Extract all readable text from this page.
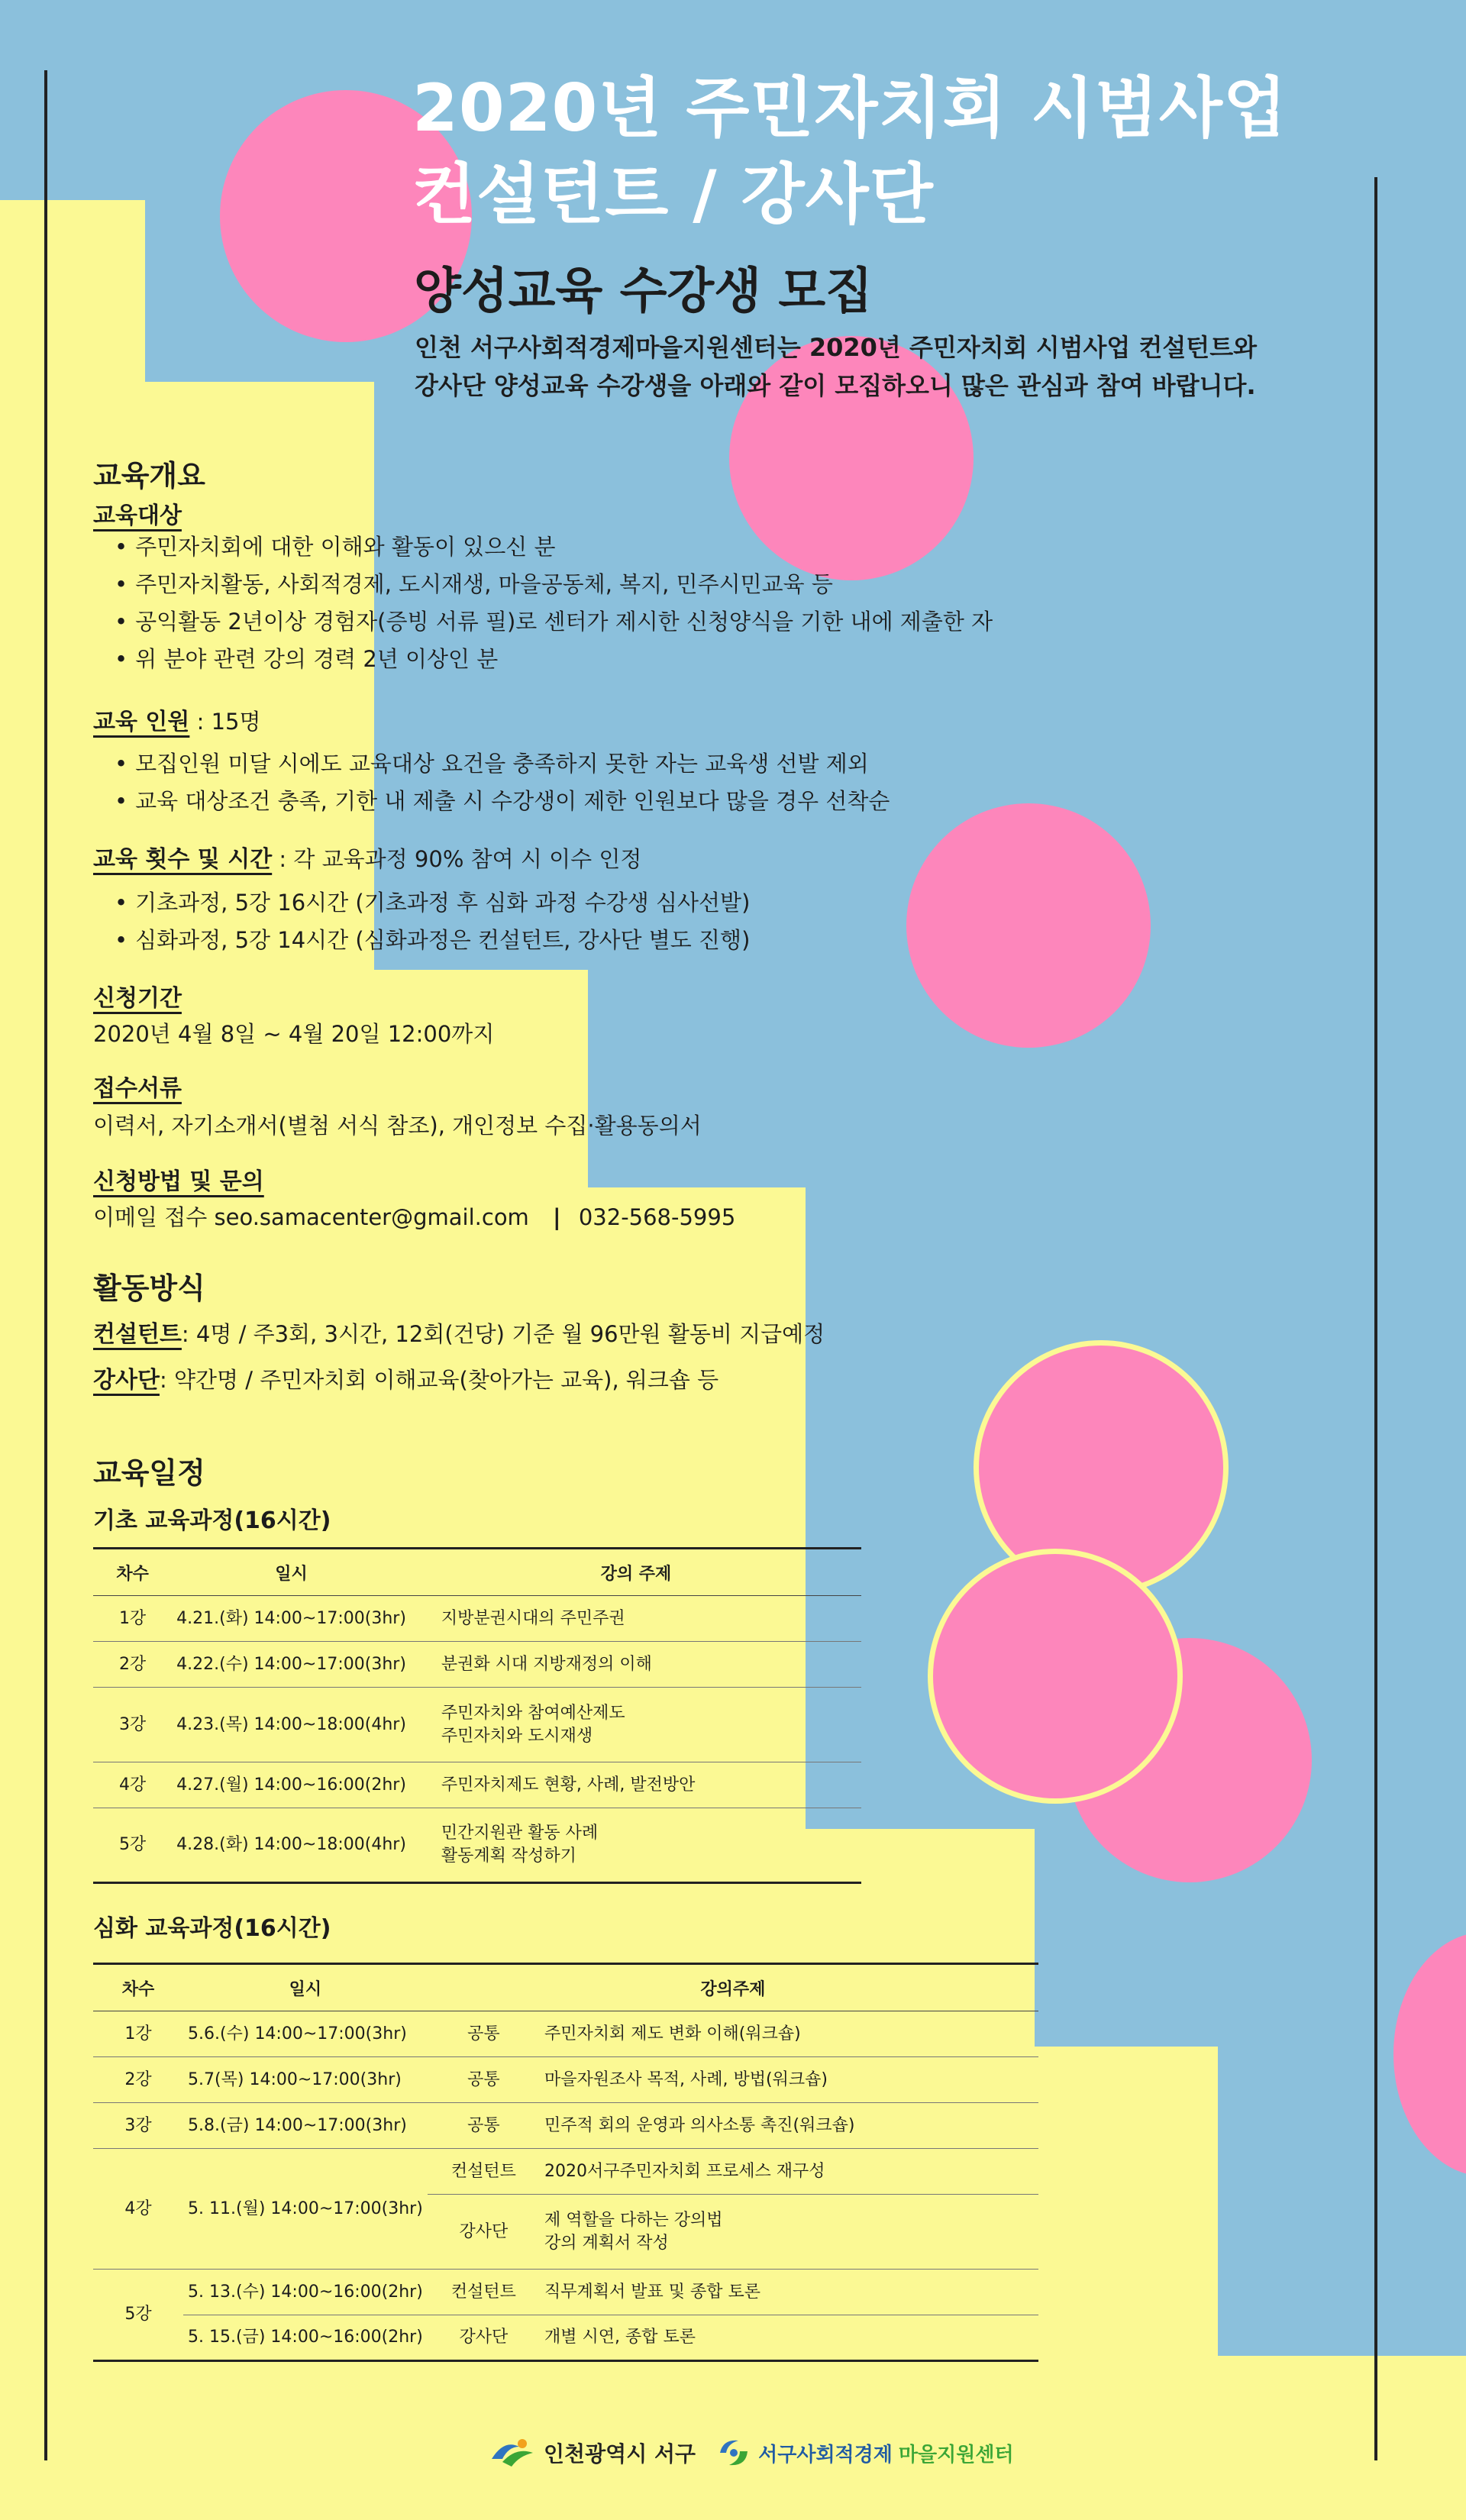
2020년 주민자치회 시범사업
컨설턴트 / 강사단
양성교육 수강생 모집
인천 서구사회적경제마을지원센터는 2020년 주민자치회 시범사업 컨설턴트와
강사단 양성교육 수강생을 아래와 같이 모집하오니 많은 관심과 참여 바랍니다.
교육개요
교육대상
• 주민자치회에 대한 이해와 활동이 있으신 분
• 주민자치활동, 사회적경제, 도시재생, 마을공동체, 복지, 민주시민교육 등
• 공익활동 2년이상 경험자(증빙 서류 필)로 센터가 제시한 신청양식을 기한 내에 제출한 자
• 위 분야 관련 강의 경력 2년 이상인 분
교육 인원 : 15명
• 모집인원 미달 시에도 교육대상 요건을 충족하지 못한 자는 교육생 선발 제외
• 교육 대상조건 충족, 기한 내 제출 시 수강생이 제한 인원보다 많을 경우 선착순
교육 횟수 및 시간 : 각 교육과정 90% 참여 시 이수 인정
• 기초과정, 5강 16시간 (기초과정 후 심화 과정 수강생 심사선발)
• 심화과정, 5강 14시간 (심화과정은 컨설턴트, 강사단 별도 진행)
신청기간
2020년 4월 8일 ~ 4월 20일 12:00까지
접수서류
이력서, 자기소개서(별첨 서식 참조), 개인정보 수집·활용동의서
신청방법 및 문의
이메일 접수 seo.samacenter@gmail.com | 032-568-5995
활동방식
컨설턴트: 4명 / 주3회, 3시간, 12회(건당) 기준 월 96만원 활동비 지급예정
강사단: 약간명 / 주민자치회 이해교육(찾아가는 교육), 워크숍 등
교육일정
기초 교육과정(16시간)
차수	일시	강의 주제
1강	4.21.(화) 14:00~17:00(3hr)	지방분권시대의 주민주권

2강	4.22.(수) 14:00~17:00(3hr)	분권화 시대 지방재정의 이해

3강	4.23.(목) 14:00~18:00(4hr)	주민자치와 참여예산제도
주민자치와 도시재생

4강	4.27.(월) 14:00~16:00(2hr)	주민자치제도 현황, 사례, 발전방안

5강	4.28.(화) 14:00~18:00(4hr)	민간지원관 활동 사례
활동계획 작성하기
심화 교육과정(16시간)
차수	일시	강의주제	
1강	5.6.(수) 14:00~17:00(3hr)	공통	주민자치회 제도 변화 이해(워크숍)

2강	5.7(목) 14:00~17:00(3hr)	공통	마을자원조사 목적, 사례, 방법(워크숍)

3강	5.8.(금) 14:00~17:00(3hr)	공통	민주적 회의 운영과 의사소통 촉진(워크숍)

4강	5. 11.(월) 14:00~17:00(3hr)	컨설턴트	2020서구주민자치회 프로세스 재구성

		강사단	제 역할을 다하는 강의법
강의 계획서 작성

5강	5. 13.(수) 14:00~16:00(2hr)	컨설턴트	직무계획서 발표 및 종합 토론

	5. 15.(금) 14:00~16:00(2hr)	강사단	개별 시연, 종합 토론
인천광역시 서구	서구사회적경제 마을지원센터
